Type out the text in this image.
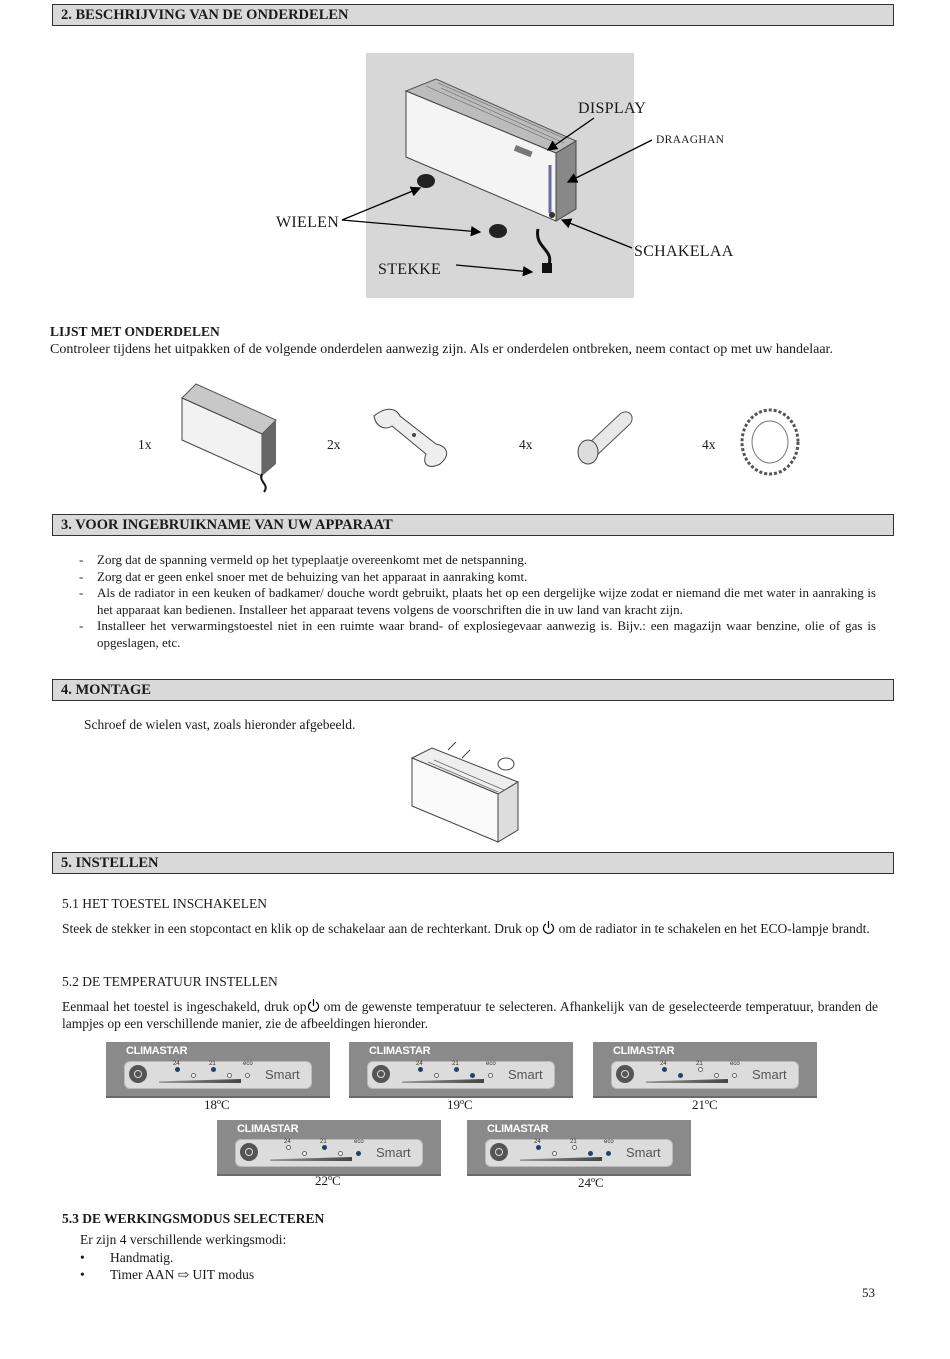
2. BESCHRIJVING VAN DE ONDERDELEN
DISPLAY
DRAAGHAN
WIELEN
SCHAKELAA
STEKKE
LIJST MET ONDERDELEN
Controleer tijdens het uitpakken of de volgende onderdelen aanwezig zijn. Als er onderdelen ontbreken, neem contact op met uw handelaar.
1x	2x	4x	4x
3. VOOR INGEBRUIKNAME VAN UW APPARAAT
- Zorg dat de spanning vermeld op het typeplaatje overeenkomt met de netspanning.
- Zorg dat er geen enkel snoer met de behuizing van het apparaat in aanraking komt.
- Als de radiator in een keuken of badkamer/ douche wordt gebruikt, plaats het op een dergelijke wijze zodat er niemand die met water in aanraking is het apparaat kan bedienen. Installeer het apparaat tevens volgens de voorschriften die in uw land van kracht zijn.
- Installeer het verwarmingstoestel niet in een ruimte waar brand- of explosiegevaar aanwezig is. Bijv.: een magazijn waar benzine, olie of gas is opgeslagen, etc.
4. MONTAGE
Schroef de wielen vast, zoals hieronder afgebeeld.
5. INSTELLEN
5.1 HET TOESTEL INSCHAKELEN
Steek de stekker in een stopcontact en klik op de schakelaar aan de rechterkant. Druk op om de radiator in te schakelen en het ECO-lampje brandt.
5.2 DE TEMPERATUUR INSTELLEN
Eenmaal het toestel is ingeschakeld, druk op om de gewenste temperatuur te selecteren. Afhankelijk van de geselecteerde temperatuur, branden de lampjes op een verschillende manier, zie de afbeeldingen hieronder.
CLIMASTAR
24	21	eco
Smart
18ºC
CLIMASTAR
24	21	eco
Smart
19ºC
CLIMASTAR
24	21	eco
Smart
21ºC
CLIMASTAR
24	21	eco
Smart
22ºC
CLIMASTAR
24	21	eco
Smart
24ºC
5.3 DE WERKINGSMODUS SELECTEREN
Er zijn 4 verschillende werkingsmodi:
• Handmatig.
• Timer AAN ⇨ UIT modus
53
